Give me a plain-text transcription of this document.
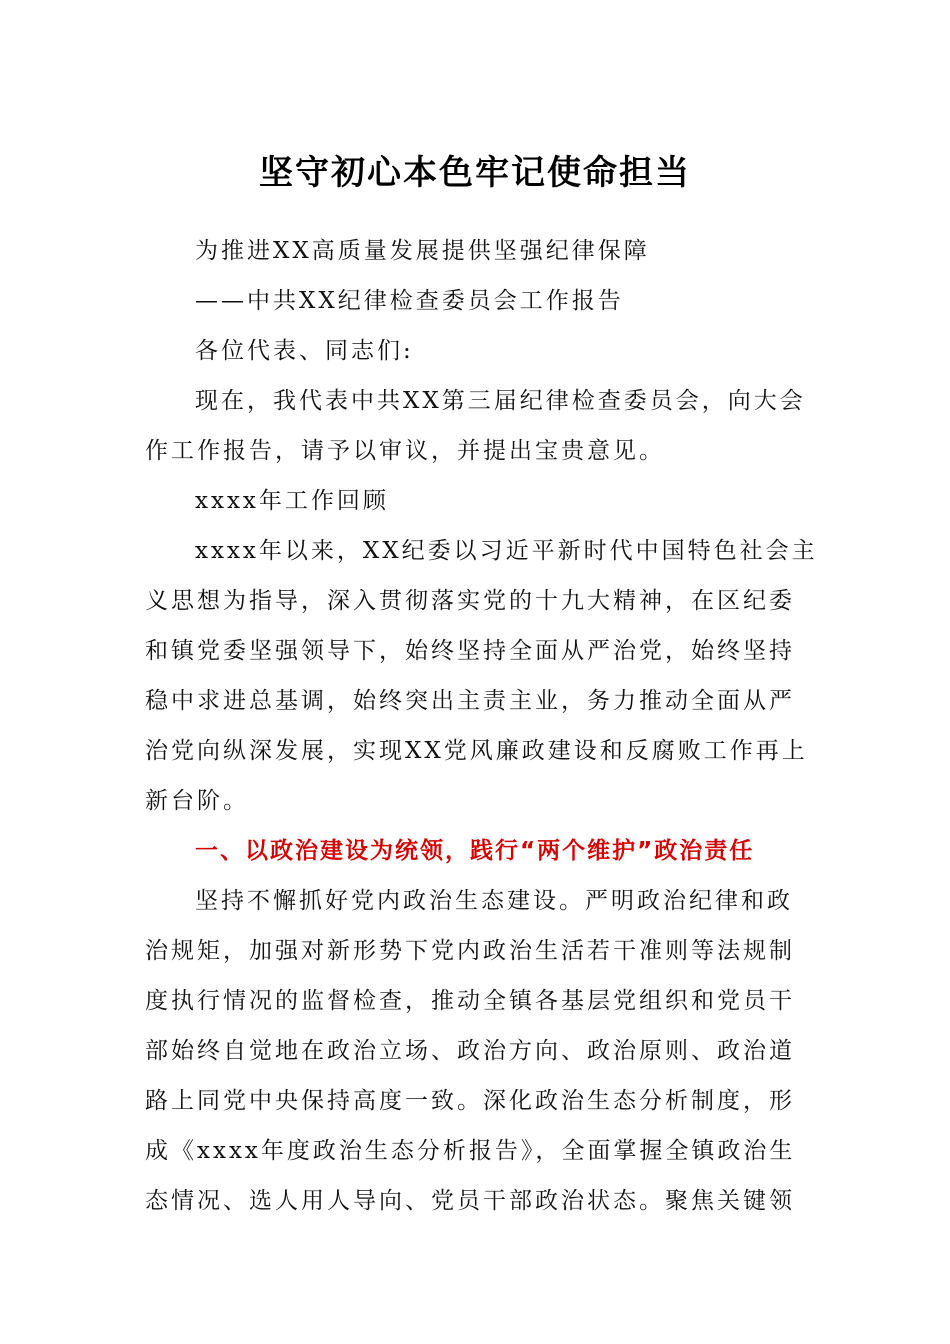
坚守初心本色牢记使命担当

为推进XX高质量发展提供坚强纪律保障

——中共XX纪律检查委员会工作报告

各位代表、同志们:

现在，我代表中共XX第三届纪律检查委员会，向大会

作工作报告，请予以审议，并提出宝贵意见。

xxxx年工作回顾

xxxx年以来，XX纪委以习近平新时代中国特色社会主

义思想为指导，深入贯彻落实党的十九大精神，在区纪委

和镇党委坚强领导下，始终坚持全面从严治党，始终坚持

稳中求进总基调，始终突出主责主业，务力推动全面从严

治党向纵深发展，实现XX党风廉政建设和反腐败工作再上

新台阶。

一、以政治建设为统领，践行“两个维护”政治责任

坚持不懈抓好党内政治生态建设。严明政治纪律和政

治规矩，加强对新形势下党内政治生活若干准则等法规制

度执行情况的监督检查，推动全镇各基层党组织和党员干

部始终自觉地在政治立场、政治方向、政治原则、政治道

路上同党中央保持高度一致。深化政治生态分析制度，形

成《xxxx年度政治生态分析报告》，全面掌握全镇政治生

态情况、选人用人导向、党员干部政治状态。聚焦关键领
